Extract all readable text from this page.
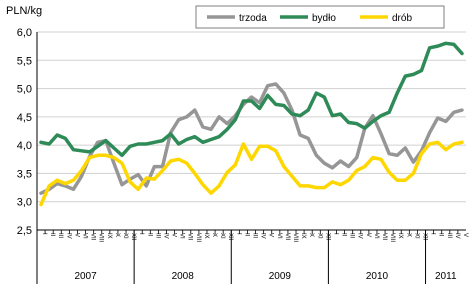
2,5
3,0
3,5
4,0
4,5
5,0
5,5
6,0
PLN/kg
I II III IV V VI VII VIII IX X XI XII I II III IV V VI VII VIII IX X XI XII I II III IV V VI VII VIII IX X XI XII I II III IV V VI VII VIII IX X XI XII I II III IV V
2007	2008	2009	2010	2011
trzoda	bydło	drób
